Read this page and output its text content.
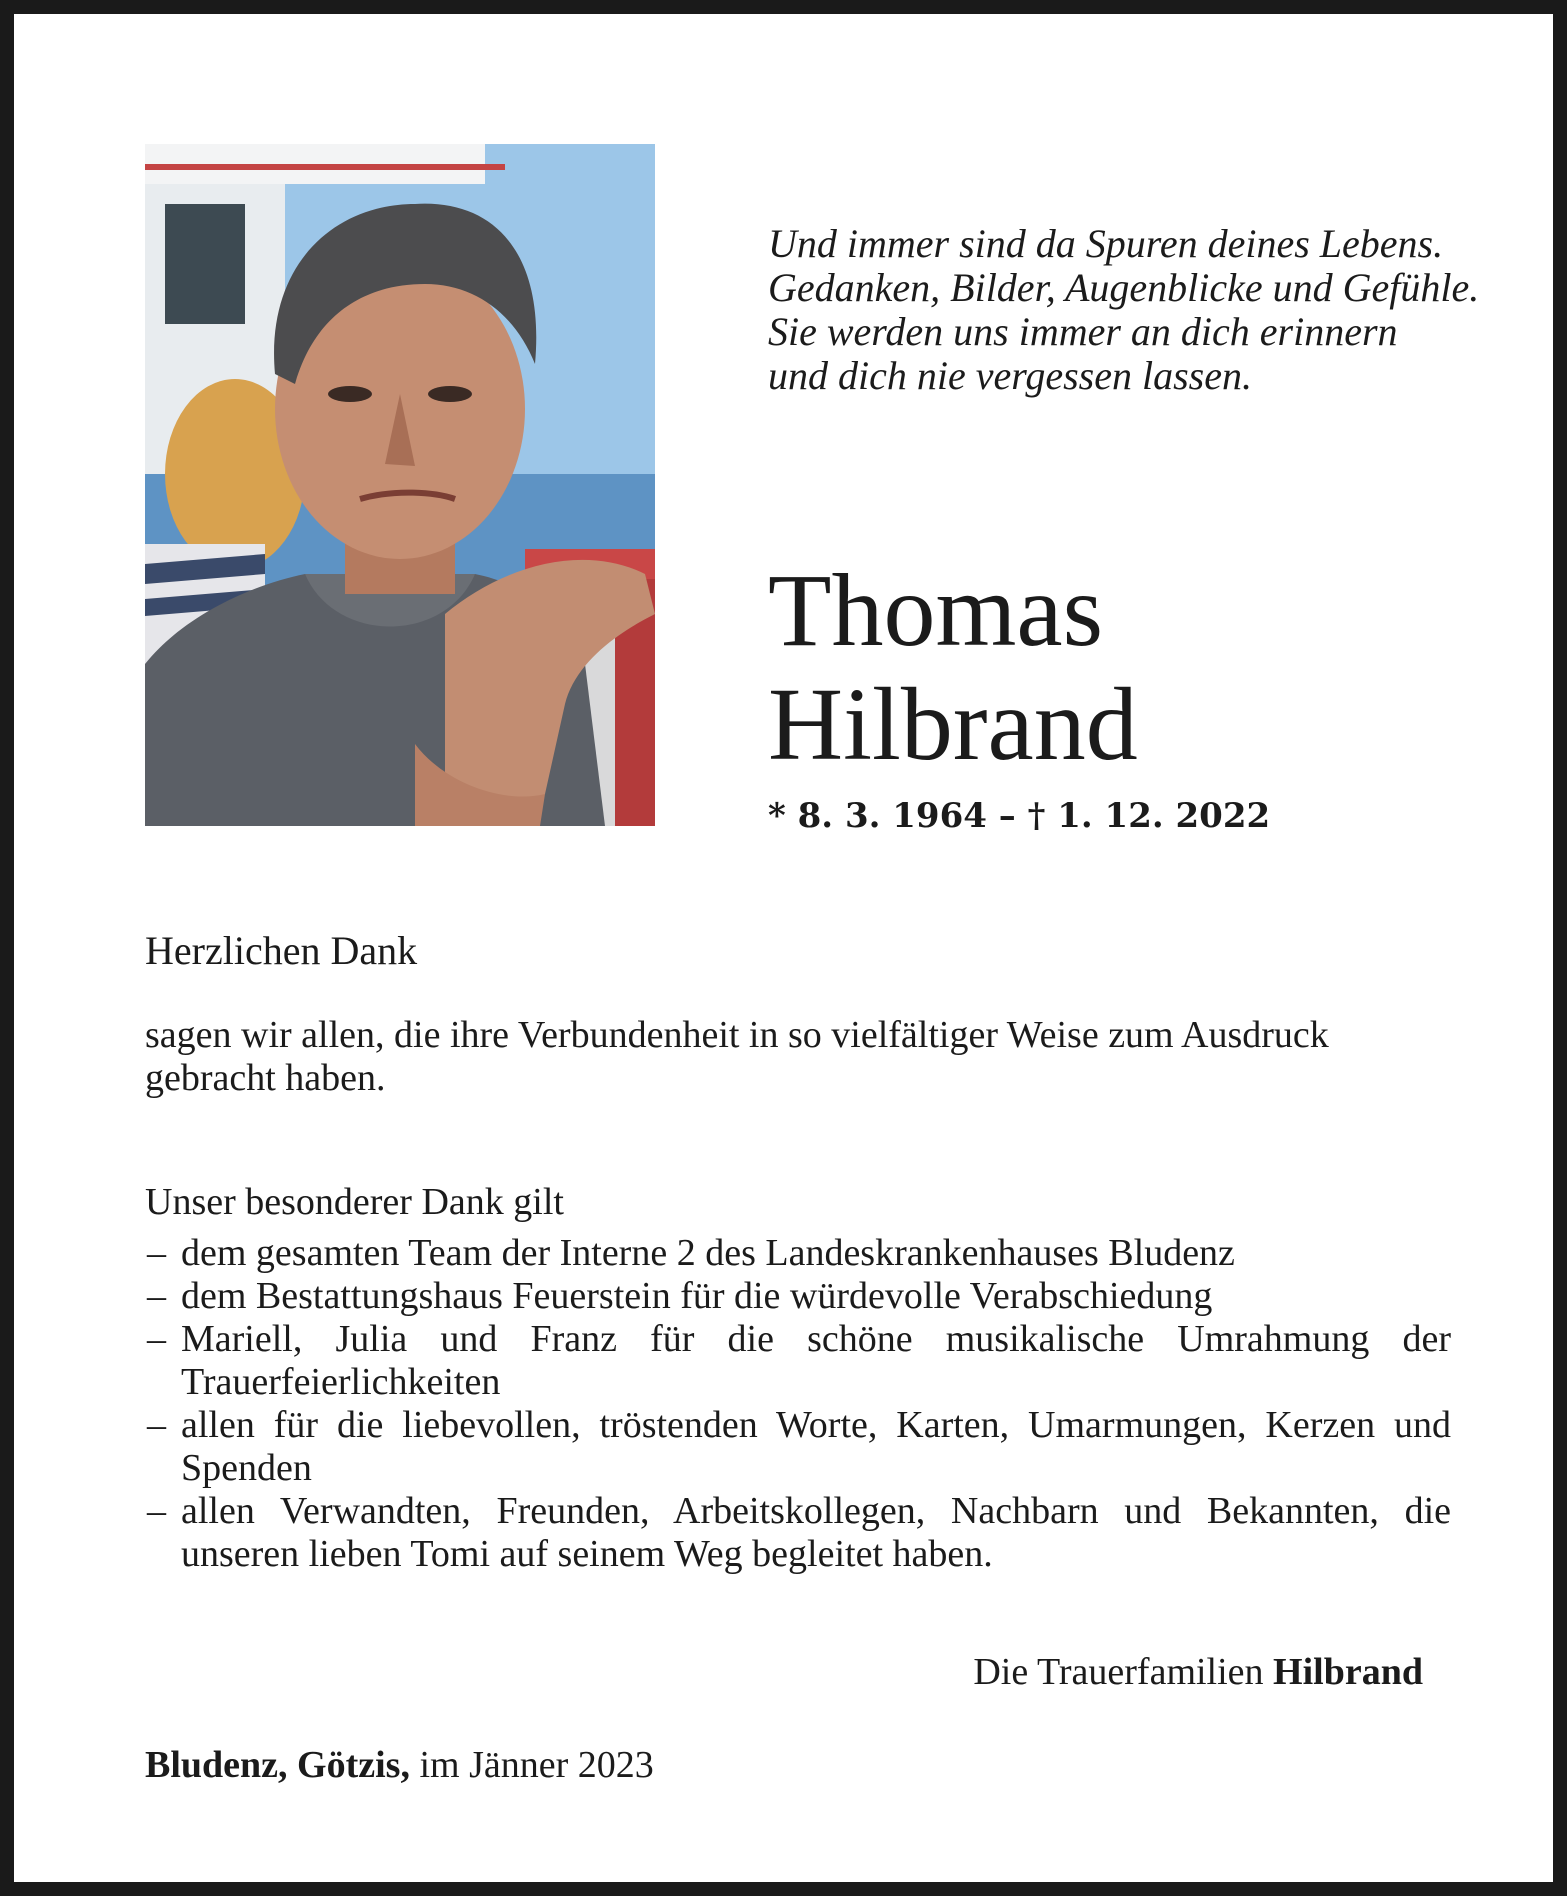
Und immer sind da Spuren deines Lebens.
Gedanken, Bilder, Augenblicke und Gefühle.
Sie werden uns immer an dich erinnern
und dich nie vergessen lassen.
Thomas
Hilbrand
* 8. 3. 1964 – † 1. 12. 2022
Herzlichen Dank
sagen wir allen, die ihre Verbundenheit in so vielfältiger Weise zum Ausdruck
gebracht haben.
Unser besonderer Dank gilt
– dem gesamten Team der Interne 2 des Landeskrankenhauses Bludenz
– dem Bestattungshaus Feuerstein für die würdevolle Verabschiedung
– Mariell, Julia und Franz für die schöne musikalische Umrahmung der Trauerfeierlichkeiten
– allen für die liebevollen, tröstenden Worte, Karten, Umarmungen, Kerzen und Spenden
– allen Verwandten, Freunden, Arbeitskollegen, Nachbarn und Bekannten, die unseren lieben Tomi auf seinem Weg begleitet haben.
Die Trauerfamilien Hilbrand
Bludenz, Götzis, im Jänner 2023
